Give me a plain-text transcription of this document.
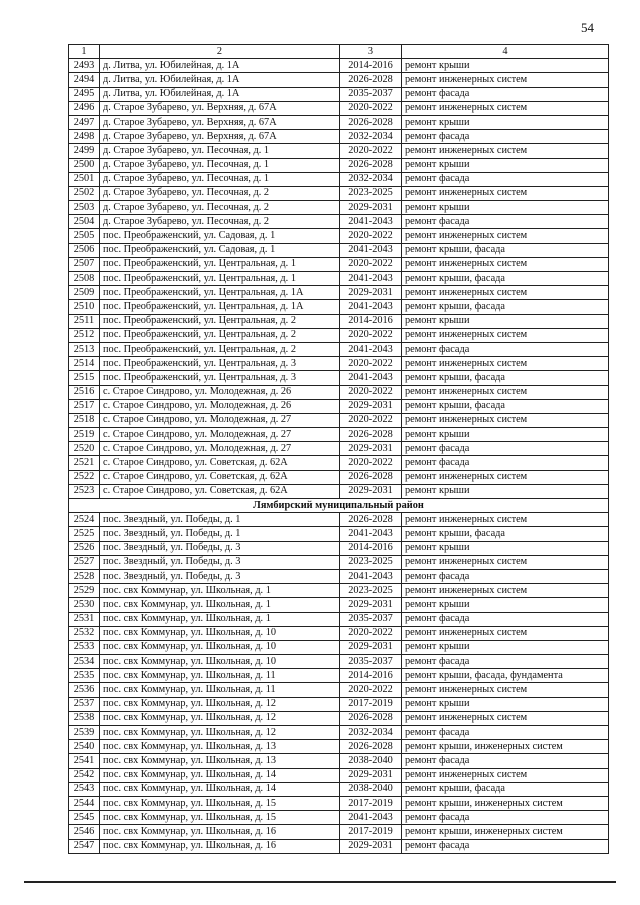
54
1	2	3	4
2493	д. Литва, ул. Юбилейная, д. 1А	2014-2016	ремонт крыши
2494	д. Литва, ул. Юбилейная, д. 1А	2026-2028	ремонт инженерных систем
2495	д. Литва, ул. Юбилейная, д. 1А	2035-2037	ремонт фасада
2496	д. Старое Зубарево, ул. Верхняя, д. 67А	2020-2022	ремонт инженерных систем
2497	д. Старое Зубарево, ул. Верхняя, д. 67А	2026-2028	ремонт крыши
2498	д. Старое Зубарево, ул. Верхняя, д. 67А	2032-2034	ремонт фасада
2499	д. Старое Зубарево, ул. Песочная, д. 1	2020-2022	ремонт инженерных систем
2500	д. Старое Зубарево, ул. Песочная, д. 1	2026-2028	ремонт крыши
2501	д. Старое Зубарево, ул. Песочная, д. 1	2032-2034	ремонт фасада
2502	д. Старое Зубарево, ул. Песочная, д. 2	2023-2025	ремонт инженерных систем
2503	д. Старое Зубарево, ул. Песочная, д. 2	2029-2031	ремонт крыши
2504	д. Старое Зубарево, ул. Песочная, д. 2	2041-2043	ремонт фасада
2505	пос. Преображенский, ул. Садовая, д. 1	2020-2022	ремонт инженерных систем
2506	пос. Преображенский, ул. Садовая, д. 1	2041-2043	ремонт крыши, фасада
2507	пос. Преображенский, ул. Центральная, д. 1	2020-2022	ремонт инженерных систем
2508	пос. Преображенский, ул. Центральная, д. 1	2041-2043	ремонт крыши, фасада
2509	пос. Преображенский, ул. Центральная, д. 1А	2029-2031	ремонт инженерных систем
2510	пос. Преображенский, ул. Центральная, д. 1А	2041-2043	ремонт крыши, фасада
2511	пос. Преображенский, ул. Центральная, д. 2	2014-2016	ремонт крыши
2512	пос. Преображенский, ул. Центральная, д. 2	2020-2022	ремонт инженерных систем
2513	пос. Преображенский, ул. Центральная, д. 2	2041-2043	ремонт фасада
2514	пос. Преображенский, ул. Центральная, д. 3	2020-2022	ремонт инженерных систем
2515	пос. Преображенский, ул. Центральная, д. 3	2041-2043	ремонт крыши, фасада
2516	с. Старое Синдрово, ул. Молодежная, д. 26	2020-2022	ремонт инженерных систем
2517	с. Старое Синдрово, ул. Молодежная, д. 26	2029-2031	ремонт крыши, фасада
2518	с. Старое Синдрово, ул. Молодежная, д. 27	2020-2022	ремонт инженерных систем
2519	с. Старое Синдрово, ул. Молодежная, д. 27	2026-2028	ремонт крыши
2520	с. Старое Синдрово, ул. Молодежная, д. 27	2029-2031	ремонт фасада
2521	с. Старое Синдрово, ул. Советская, д. 62А	2020-2022	ремонт фасада
2522	с. Старое Синдрово, ул. Советская, д. 62А	2026-2028	ремонт инженерных систем
2523	с. Старое Синдрово, ул. Советская, д. 62А	2029-2031	ремонт крыши
Лямбирский муниципальный район			
2524	пос. Звездный, ул. Победы, д. 1	2026-2028	ремонт инженерных систем
2525	пос. Звездный, ул. Победы, д. 1	2041-2043	ремонт крыши, фасада
2526	пос. Звездный, ул. Победы, д. 3	2014-2016	ремонт крыши
2527	пос. Звездный, ул. Победы, д. 3	2023-2025	ремонт инженерных систем
2528	пос. Звездный, ул. Победы, д. 3	2041-2043	ремонт фасада
2529	пос. свх Коммунар, ул. Школьная, д. 1	2023-2025	ремонт инженерных систем
2530	пос. свх Коммунар, ул. Школьная, д. 1	2029-2031	ремонт крыши
2531	пос. свх Коммунар, ул. Школьная, д. 1	2035-2037	ремонт фасада
2532	пос. свх Коммунар, ул. Школьная, д. 10	2020-2022	ремонт инженерных систем
2533	пос. свх Коммунар, ул. Школьная, д. 10	2029-2031	ремонт крыши
2534	пос. свх Коммунар, ул. Школьная, д. 10	2035-2037	ремонт фасада
2535	пос. свх Коммунар, ул. Школьная, д. 11	2014-2016	ремонт крыши, фасада, фундамента
2536	пос. свх Коммунар, ул. Школьная, д. 11	2020-2022	ремонт инженерных систем
2537	пос. свх Коммунар, ул. Школьная, д. 12	2017-2019	ремонт крыши
2538	пос. свх Коммунар, ул. Школьная, д. 12	2026-2028	ремонт инженерных систем
2539	пос. свх Коммунар, ул. Школьная, д. 12	2032-2034	ремонт фасада
2540	пос. свх Коммунар, ул. Школьная, д. 13	2026-2028	ремонт крыши, инженерных систем
2541	пос. свх Коммунар, ул. Школьная, д. 13	2038-2040	ремонт фасада
2542	пос. свх Коммунар, ул. Школьная, д. 14	2029-2031	ремонт инженерных систем
2543	пос. свх Коммунар, ул. Школьная, д. 14	2038-2040	ремонт крыши, фасада
2544	пос. свх Коммунар, ул. Школьная, д. 15	2017-2019	ремонт крыши, инженерных систем
2545	пос. свх Коммунар, ул. Школьная, д. 15	2041-2043	ремонт фасада
2546	пос. свх Коммунар, ул. Школьная, д. 16	2017-2019	ремонт крыши, инженерных систем
2547	пос. свх Коммунар, ул. Школьная, д. 16	2029-2031	ремонт фасада
